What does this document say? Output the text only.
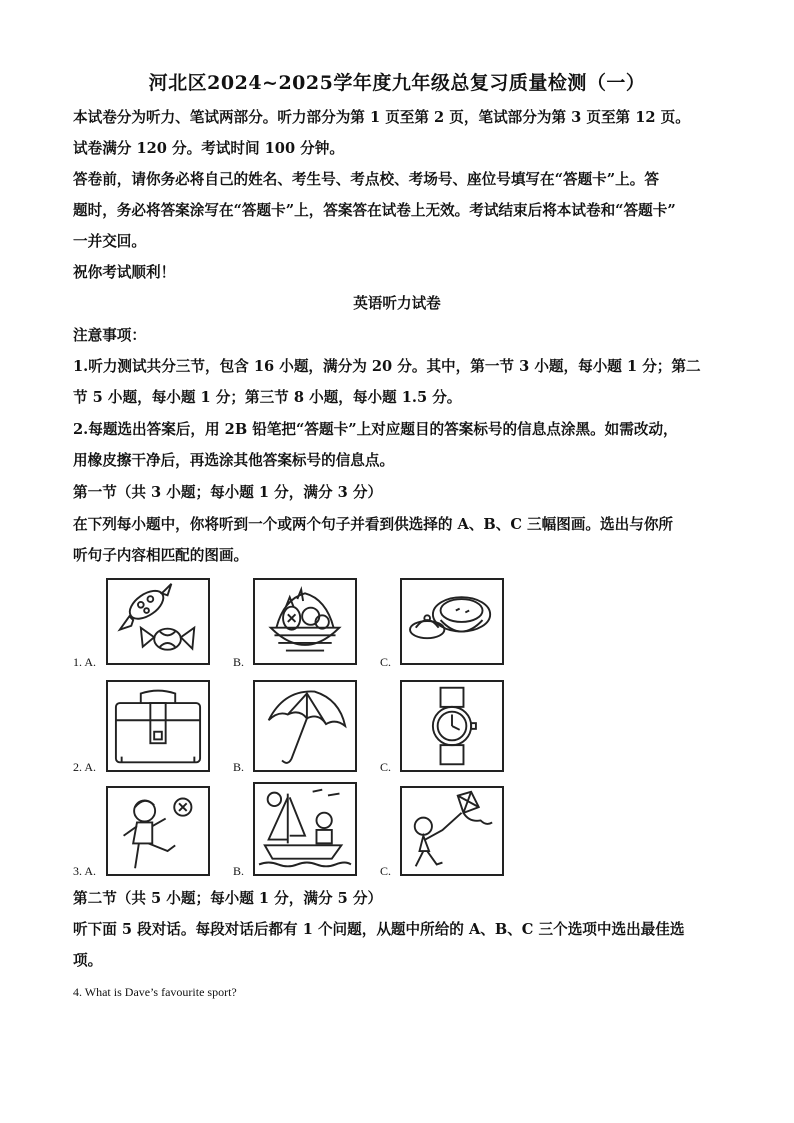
河北区2024~2025学年度九年级总复习质量检测（一）
本试卷分为听力、笔试两部分。听力部分为第 1 页至第 2 页，笔试部分为第 3 页至第 12 页。
试卷满分 120 分。考试时间 100 分钟。
答卷前，请你务必将自己的姓名、考生号、考点校、考场号、座位号填写在“答题卡”上。答
题时，务必将答案涂写在“答题卡”上，答案答在试卷上无效。考试结束后将本试卷和“答题卡”
一并交回。
祝你考试顺利！
英语听力试卷
注意事项：
1.听力测试共分三节，包含 16 小题，满分为 20 分。其中，第一节 3 小题，每小题 1 分；第二
节 5 小题，每小题 1 分；第三节 8 小题，每小题 1.5 分。
2.每题选出答案后，用 2B 铅笔把“答题卡”上对应题目的答案标号的信息点涂黑。如需改动，
用橡皮擦干净后，再选涂其他答案标号的信息点。
第一节（共 3 小题；每小题 1 分，满分 3 分）
在下列每小题中，你将听到一个或两个句子并看到供选择的 A、B、C 三幅图画。选出与你所
听句子内容相匹配的图画。
1. A.	B.	C.
2. A.	B.	C.
3. A.	B.	C.
第二节（共 5 小题；每小题 1 分，满分 5 分）
听下面 5 段对话。每段对话后都有 1 个问题，从题中所给的 A、B、C 三个选项中选出最佳选
项。
4. What is Dave’s favourite sport?
